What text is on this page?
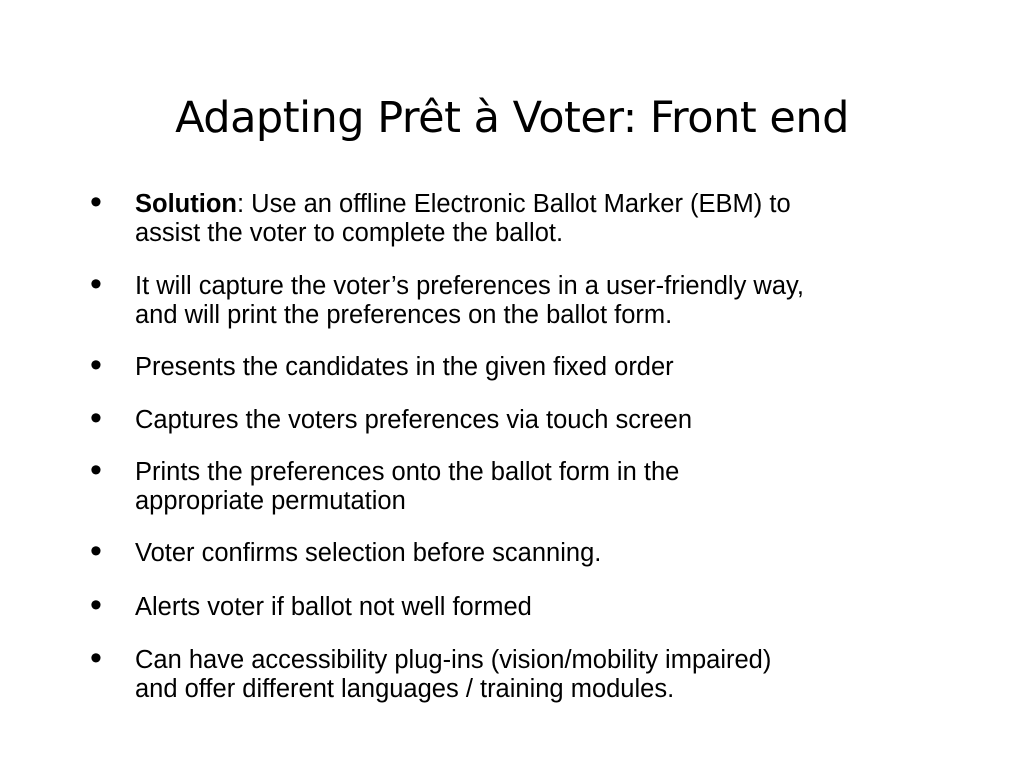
Adapting Prêt à Voter: Front end
• Solution: Use an offline Electronic Ballot Marker (EBM) to
assist the voter to complete the ballot.
• It will capture the voter’s preferences in a user-friendly way,
and will print the preferences on the ballot form.
• Presents the candidates in the given fixed order
• Captures the voters preferences via touch screen
• Prints the preferences onto the ballot form in the
appropriate permutation
• Voter confirms selection before scanning.
• Alerts voter if ballot not well formed
• Can have accessibility plug-ins (vision/mobility impaired)
and offer different languages / training modules.
